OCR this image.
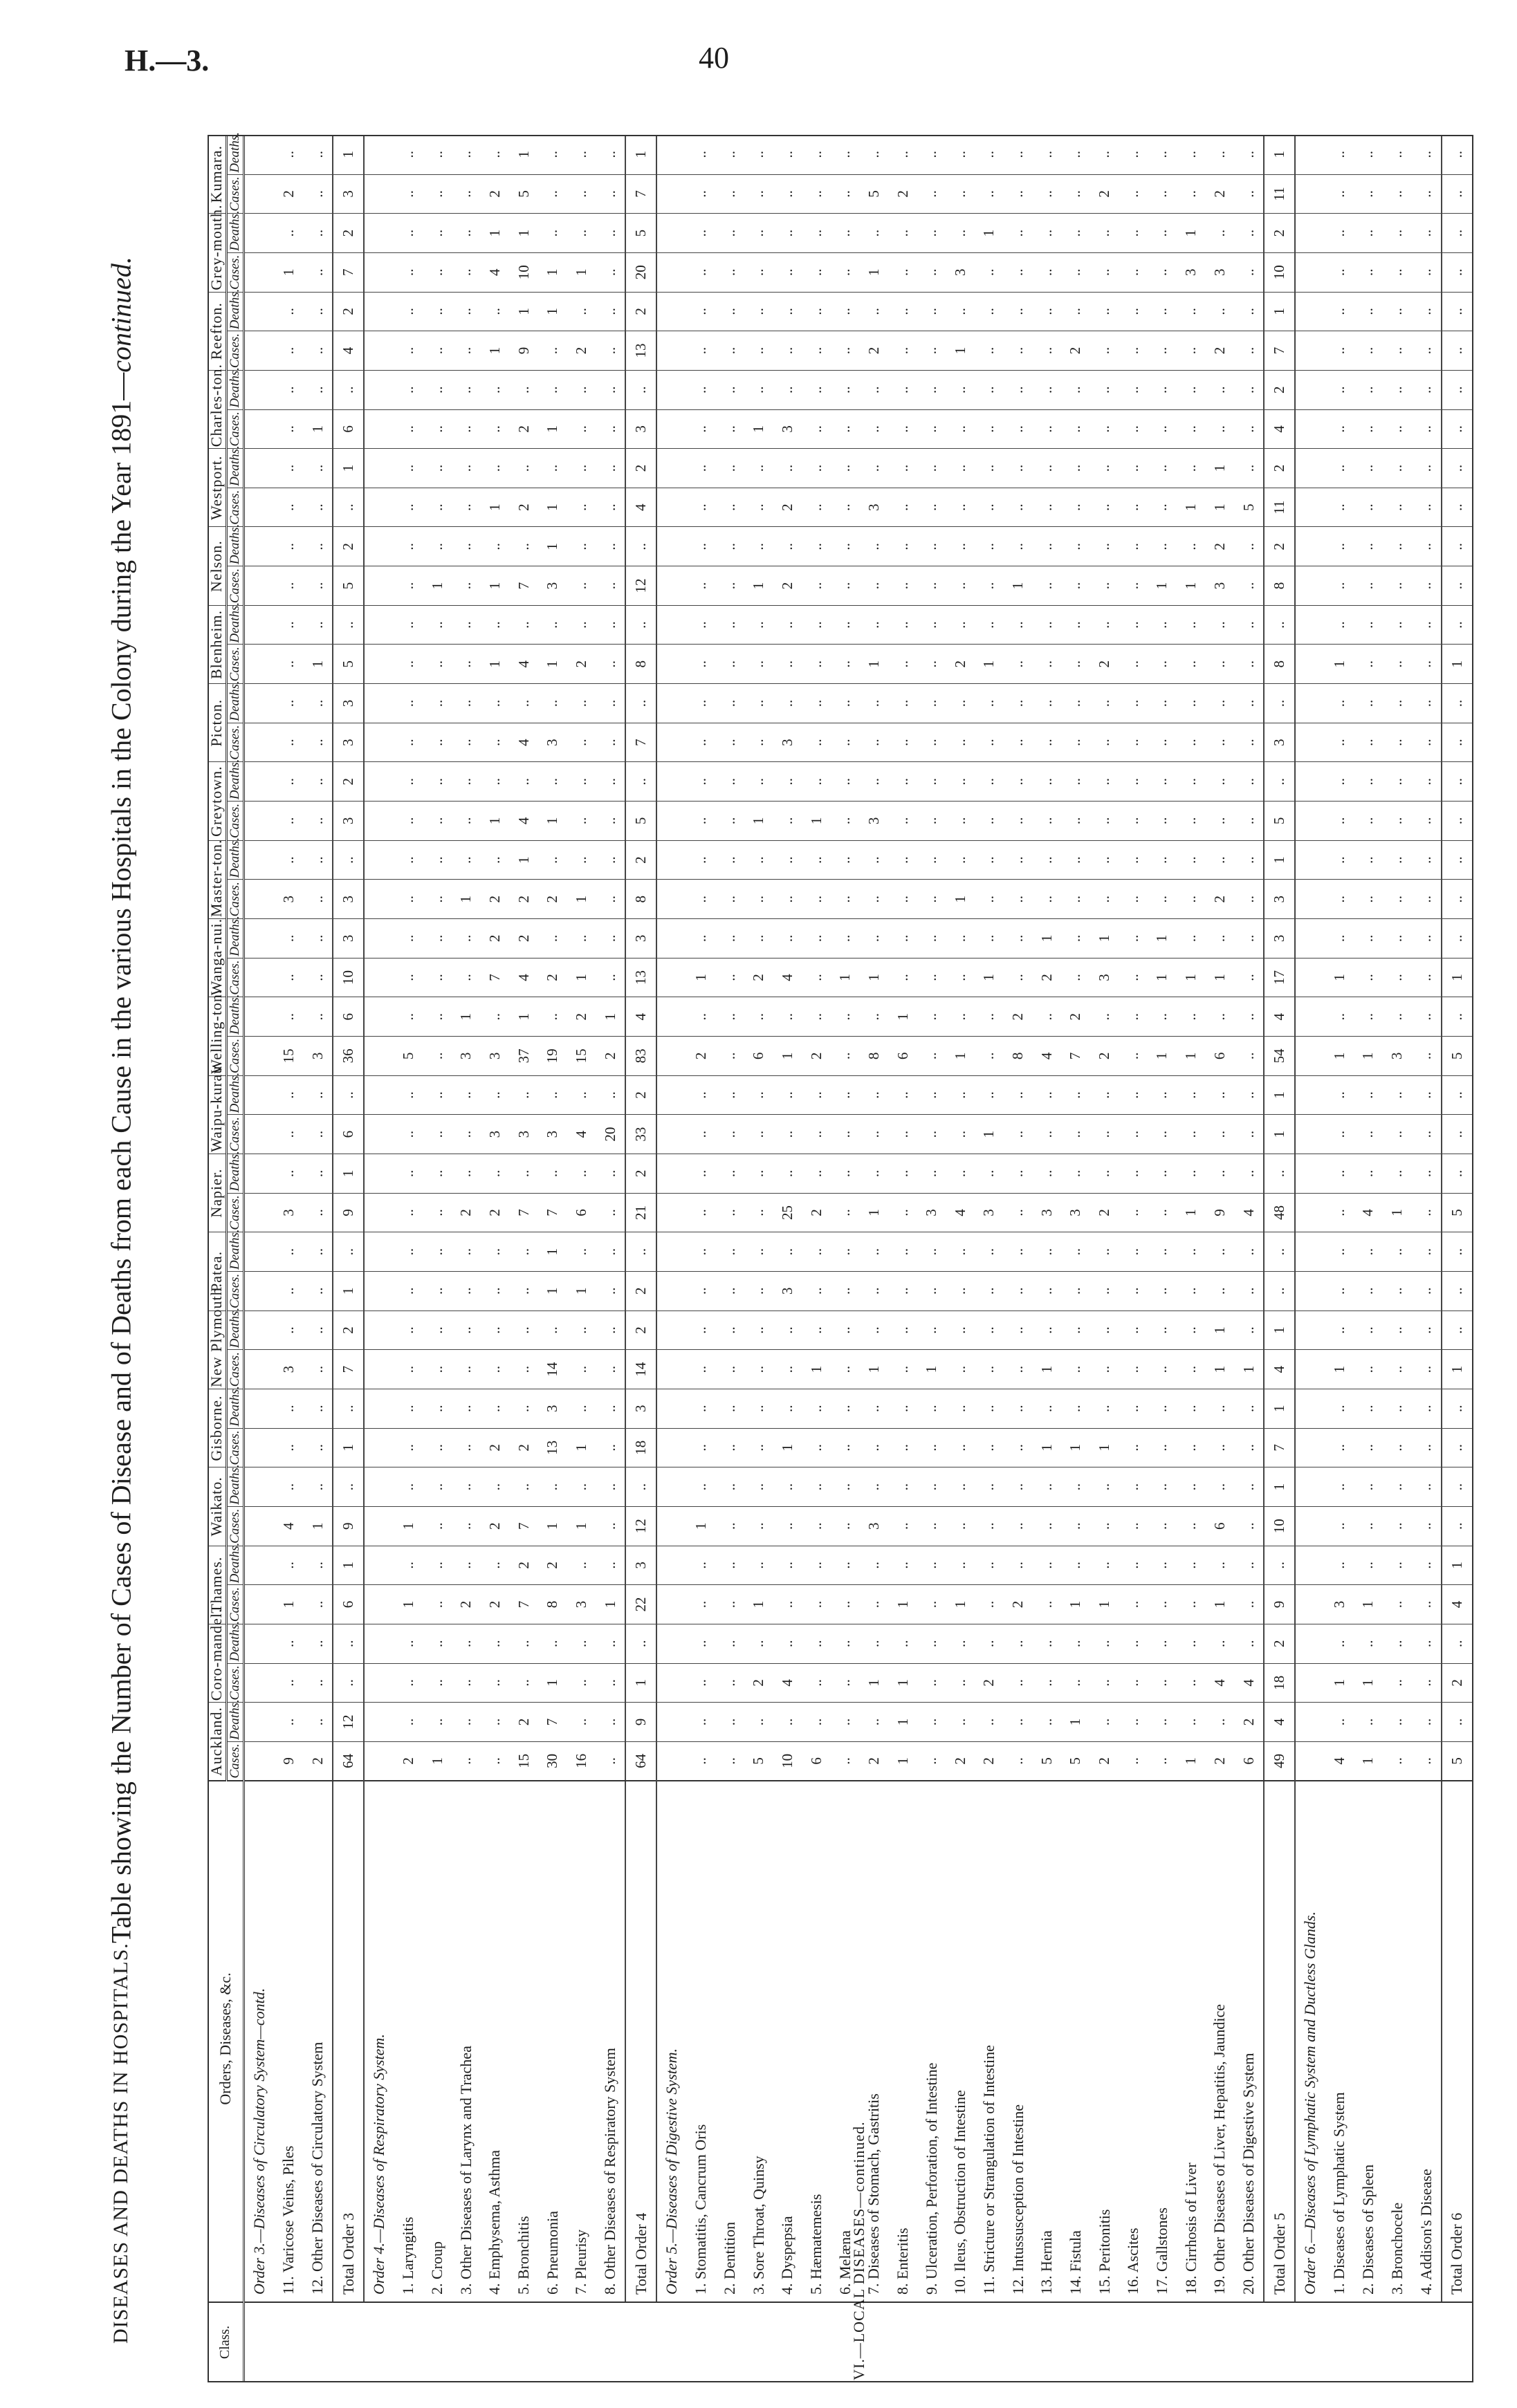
H.—3.	40
DISEASES AND DEATHS IN HOSPITALS.
Table showing the Number of Cases of Disease and of Deaths from each Cause in the various Hospitals in the Colony during the Year 1891—continued.
Class.	Orders, Diseases, &c.	Auckland.		Coro-mandel.		Thames.		Waikato.		Gisborne.		New Plymouth.		Patea.		Napier.		Waipu-kurau.		Welling-ton.		Wanga-nui.		Master-ton.		Greytown.		Picton.		Blenheim.		Nelson.		Westport.		Charles-ton.		Reefton.		Grey-mouth.		Kumara.	
		Cases.	Deaths.	Cases.	Deaths.	Cases.	Deaths.	Cases.	Deaths.	Cases.	Deaths.	Cases.	Deaths.	Cases.	Deaths.	Cases.	Deaths.	Cases.	Deaths.	Cases.	Deaths.	Cases.	Deaths.	Cases.	Deaths.	Cases.	Deaths.	Cases.	Deaths.	Cases.	Deaths.	Cases.	Deaths.	Cases.	Deaths.	Cases.	Deaths.	Cases.	Deaths.	Cases.	Deaths.	Cases.	Deaths.
VI.—LOCAL DISEASES—continued.	Order 3.—Diseases of Circulatory System—contd.																																										
	11. Varicose Veins, Piles	9	..	..	..	1	..	4	..	..	..	3	..	..	..	3	..	..	..	15	..	..	..	3	..	..	..	..	..	..	..	..	..	..	..	..	..	..	..	1	..	2	..
	12. Other Diseases of Circulatory System	2	..	..	..	..	..	1	..	..	..	..	..	..	..	..	..	..	..	3	..	..	..	..	..	..	..	..	..	1	..	..	..	..	..	1	..	..	..	..	..	..	..
	Total Order 3	64	12	..	..	6	1	9	..	1	..	7	2	1	..	9	1	6	..	36	6	10	3	3	..	3	2	3	3	5	..	5	2	..	1	6	..	4	2	7	2	3	1
	Order 4.—Diseases of Respiratory System.																																										
	1. Laryngitis	2	..	..	..	1	..	1	..	..	..	..	..	..	..	..	..	..	..	5	..	..	..	..	..	..	..	..	..	..	..	..	..	..	..	..	..	..	..	..	..	..	..
	2. Croup	1	..	..	..	..	..	..	..	..	..	..	..	..	..	..	..	..	..	..	..	..	..	..	..	..	..	..	..	..	..	1	..	..	..	..	..	..	..	..	..	..	..
	3. Other Diseases of Larynx and Trachea	..	..	..	..	2	..	..	..	..	..	..	..	..	..	2	..	..	..	3	1	..	..	1	..	..	..	..	..	..	..	..	..	..	..	..	..	..	..	..	..	..	..
	4. Emphysema, Asthma	..	..	..	..	2	..	2	..	2	..	..	..	..	..	2	..	3	..	3	..	7	2	2	..	1	..	..	..	1	..	1	..	1	..	..	..	1	..	4	1	2	..
	5. Bronchitis	15	2	..	..	7	2	7	..	2	..	..	..	..	..	7	..	3	..	37	1	4	2	2	1	4	..	4	..	4	..	7	..	2	..	2	..	9	1	10	1	5	1
	6. Pneumonia	30	7	1	..	8	2	1	..	13	3	14	..	1	1	7	..	3	..	19	..	2	..	2	..	1	..	3	..	1	..	3	1	1	..	1	..	..	1	1	..	..	..
	7. Pleurisy	16	..	..	..	3	..	1	..	1	..	..	..	1	..	6	..	4	..	15	2	1	..	1	..	..	..	..	..	2	..	..	..	..	..	..	..	2	..	1	..	..	..
	8. Other Diseases of Respiratory System	..	..	..	..	1	..	..	..	..	..	..	..	..	..	..	..	20	..	2	1	..	..	..	..	..	..	..	..	..	..	..	..	..	..	..	..	..	..	..	..	..	..
	Total Order 4	64	9	1	..	22	3	12	..	18	3	14	2	2	..	21	2	33	2	83	4	13	3	8	2	5	..	7	..	8	..	12	..	4	2	3	..	13	2	20	5	7	1
	Order 5.—Diseases of Digestive System.																																										
	1. Stomatitis, Cancrum Oris	..	..	..	..	..	..	1	..	..	..	..	..	..	..	..	..	..	..	2	..	1	..	..	..	..	..	..	..	..	..	..	..	..	..	..	..	..	..	..	..	..	..
	2. Dentition	..	..	..	..	..	..	..	..	..	..	..	..	..	..	..	..	..	..	..	..	..	..	..	..	..	..	..	..	..	..	..	..	..	..	..	..	..	..	..	..	..	..
	3. Sore Throat, Quinsy	5	..	2	..	1	..	..	..	..	..	..	..	..	..	..	..	..	..	6	..	2	..	..	..	1	..	..	..	..	..	1	..	..	..	1	..	..	..	..	..	..	..
	4. Dyspepsia	10	..	4	..	..	..	..	..	1	..	..	..	3	..	25	..	..	..	1	..	4	..	..	..	..	..	3	..	..	..	2	..	2	..	3	..	..	..	..	..	..	..
	5. Hæmatemesis	6	..	..	..	..	..	..	..	..	..	1	..	..	..	2	..	..	..	2	..	..	..	..	..	1	..	..	..	..	..	..	..	..	..	..	..	..	..	..	..	..	..
	6. Melæna	..	..	..	..	..	..	..	..	..	..	..	..	..	..	..	..	..	..	..	..	1	..	..	..	..	..	..	..	..	..	..	..	..	..	..	..	..	..	..	..	..	..
	7. Diseases of Stomach, Gastritis	2	..	1	..	..	..	3	..	..	..	1	..	..	..	1	..	..	..	8	..	1	..	..	..	3	..	..	..	1	..	..	..	3	..	..	..	2	..	1	..	5	..
	8. Enteritis	1	1	1	..	1	..	..	..	..	..	..	..	..	..	..	..	..	..	6	1	..	..	..	..	..	..	..	..	..	..	..	..	..	..	..	..	..	..	..	..	2	..
	9. Ulceration, Perforation, of Intestine	..	..	..	..	..	..	..	..	..	..	1	..	..	..	3	..	..	..	..	..	..	..	..	..	..	..	..	..	..	..	..	..	..	..	..	..	..	..	..	..	..	..
	10. Ileus, Obstruction of Intestine	2	..	..	..	1	..	..	..	..	..	..	..	..	..	4	..	..	..	1	..	..	..	1	..	..	..	..	..	2	..	..	..	..	..	..	..	1	..	3	..	..	..
	11. Stricture or Strangulation of Intestine	2	..	2	..	..	..	..	..	..	..	..	..	..	..	3	..	1	..	..	..	1	..	..	..	..	..	..	..	1	..	..	..	..	..	..	..	..	..	..	1	..	..
	12. Intussusception of Intestine	..	..	..	..	2	..	..	..	..	..	..	..	..	..	..	..	..	..	8	2	..	..	..	..	..	..	..	..	..	..	1	..	..	..	..	..	..	..	..	..	..	..
	13. Hernia	5	..	..	..	..	..	..	..	1	..	1	..	..	..	3	..	..	..	4	..	2	1	..	..	..	..	..	..	..	..	..	..	..	..	..	..	..	..	..	..	..	..
	14. Fistula	5	1	..	..	1	..	..	..	1	..	..	..	..	..	3	..	..	..	7	2	..	..	..	..	..	..	..	..	..	..	..	..	..	..	..	..	2	..	..	..	..	..
	15. Peritonitis	2	..	..	..	1	..	..	..	1	..	..	..	..	..	2	..	..	..	2	..	3	1	..	..	..	..	..	..	2	..	..	..	..	..	..	..	..	..	..	..	2	..
	16. Ascites	..	..	..	..	..	..	..	..	..	..	..	..	..	..	..	..	..	..	..	..	..	..	..	..	..	..	..	..	..	..	..	..	..	..	..	..	..	..	..	..	..	..
	17. Gallstones	..	..	..	..	..	..	..	..	..	..	..	..	..	..	..	..	..	..	1	..	1	1	..	..	..	..	..	..	..	..	1	..	..	..	..	..	..	..	..	..	..	..
	18. Cirrhosis of Liver	1	..	..	..	..	..	..	..	..	..	..	..	..	..	1	..	..	..	1	..	1	..	..	..	..	..	..	..	..	..	1	..	1	..	..	..	..	..	3	1	..	..
	19. Other Diseases of Liver, Hepatitis, Jaundice	2	..	4	..	1	..	6	..	..	..	1	1	..	..	9	..	..	..	6	..	1	..	2	..	..	..	..	..	..	..	3	2	1	1	..	..	2	..	3	..	2	..
	20. Other Diseases of Digestive System	6	2	4	..	..	..	..	..	..	..	1	..	..	..	4	..	..	..	..	..	..	..	..	..	..	..	..	..	..	..	..	..	5	..	..	..	..	..	..	..	..	..
	Total Order 5	49	4	18	2	9	..	10	1	7	1	4	1	..	..	48	..	1	1	54	4	17	3	3	1	5	..	3	..	8	..	8	2	11	2	4	2	7	1	10	2	11	1
	Order 6.—Diseases of Lymphatic System and Ductless Glands.																																										
	1. Diseases of Lymphatic System	4	..	1	..	3	..	..	..	..	..	1	..	..	..	..	..	..	..	1	..	1	..	..	..	..	..	..	..	1	..	..	..	..	..	..	..	..	..	..	..	..	..
	2. Diseases of Spleen	1	..	1	..	1	..	..	..	..	..	..	..	..	..	4	..	..	..	1	..	..	..	..	..	..	..	..	..	..	..	..	..	..	..	..	..	..	..	..	..	..	..
	3. Bronchocele	..	..	..	..	..	..	..	..	..	..	..	..	..	..	1	..	..	..	3	..	..	..	..	..	..	..	..	..	..	..	..	..	..	..	..	..	..	..	..	..	..	..
	4. Addison's Disease	..	..	..	..	..	..	..	..	..	..	..	..	..	..	..	..	..	..	..	..	..	..	..	..	..	..	..	..	..	..	..	..	..	..	..	..	..	..	..	..	..	..
	Total Order 6	5	..	2	..	4	1	..	..	..	..	1	..	..	..	5	..	..	..	5	..	1	..	..	..	..	..	..	..	1	..	..	..	..	..	..	..	..	..	..	..	..	..
